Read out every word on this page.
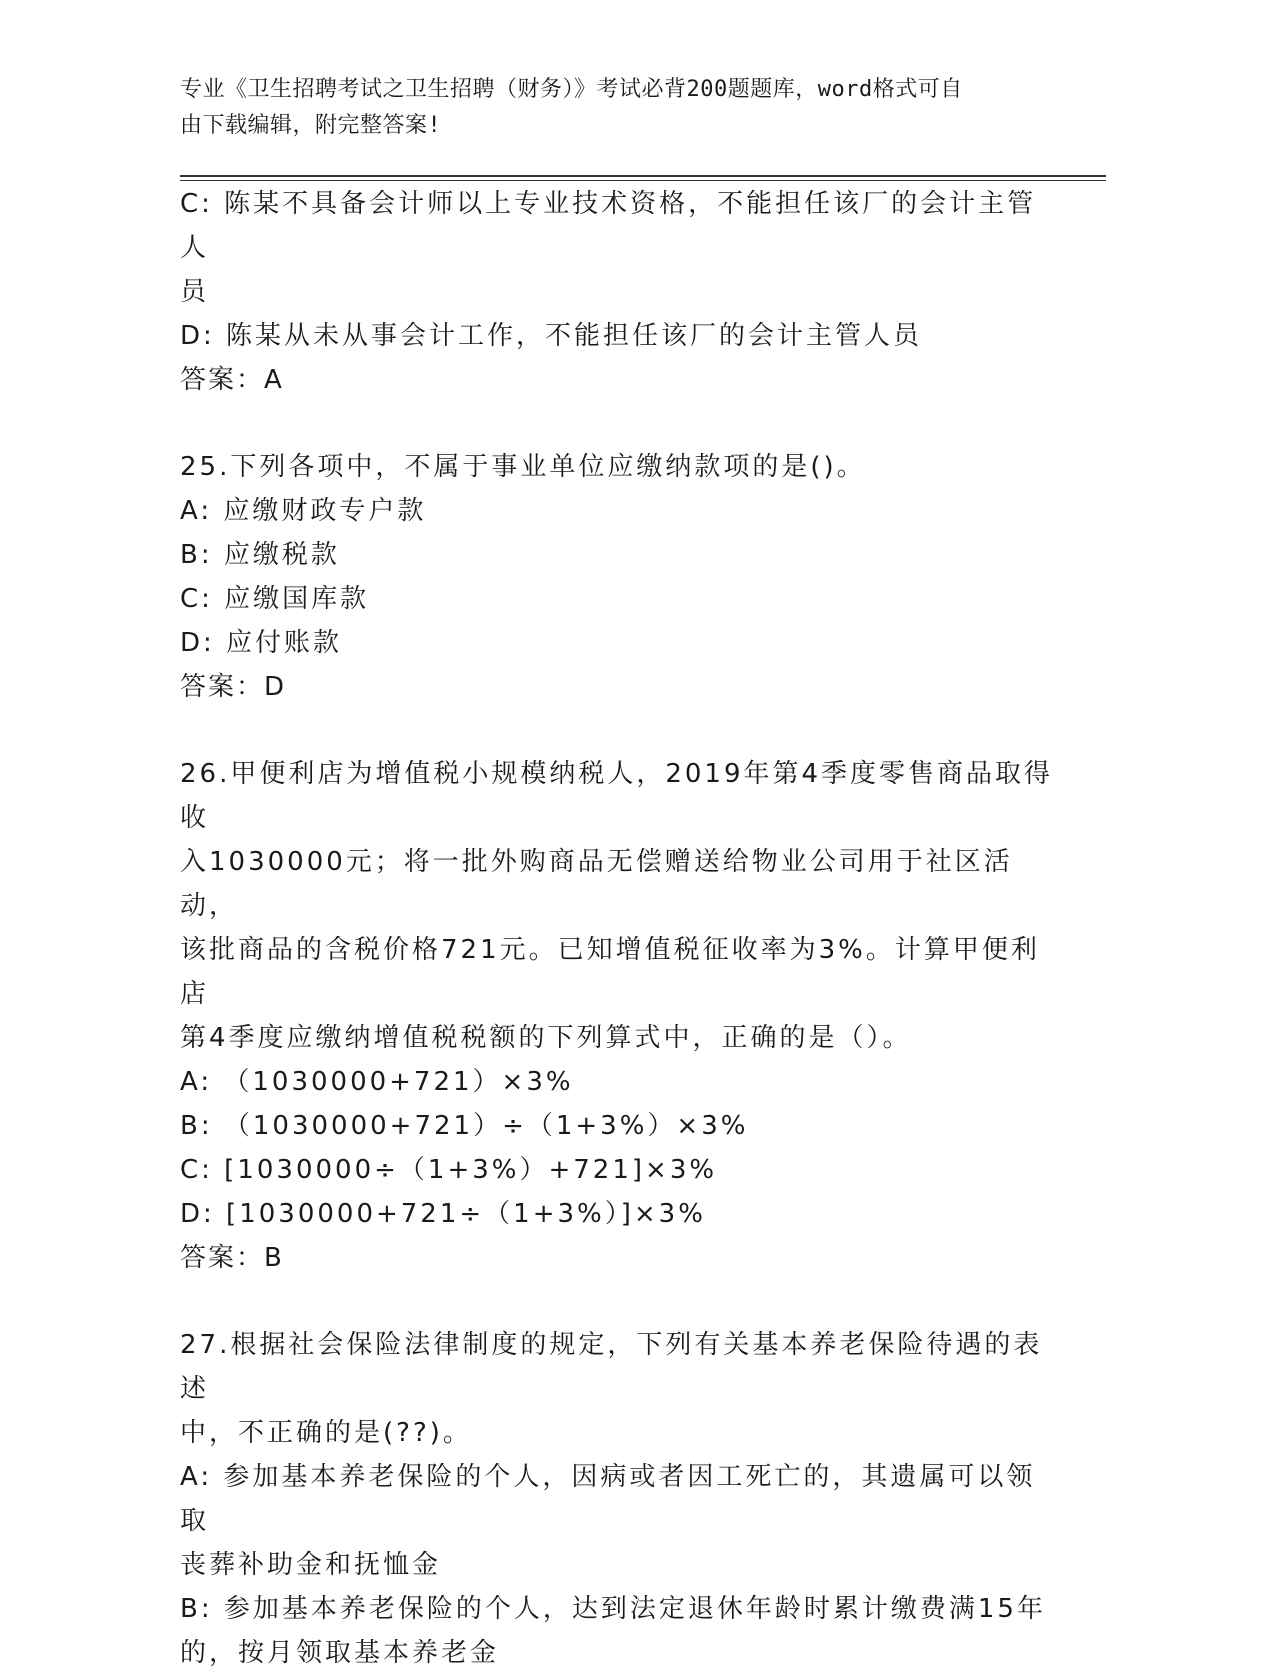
专业《卫生招聘考试之卫生招聘（财务）》考试必背200题题库，word格式可自
由下载编辑，附完整答案!
C: 陈某不具备会计师以上专业技术资格，不能担任该厂的会计主管人
员
D: 陈某从未从事会计工作，不能担任该厂的会计主管人员
答案：A
25.下列各项中，不属于事业单位应缴纳款项的是()。
A: 应缴财政专户款
B: 应缴税款
C: 应缴国库款
D: 应付账款
答案：D
26.甲便利店为增值税小规模纳税人，2019年第4季度零售商品取得收
入1030000元；将一批外购商品无偿赠送给物业公司用于社区活动，
该批商品的含税价格721元。已知增值税征收率为3%。计算甲便利店
第4季度应缴纳增值税税额的下列算式中，正确的是（）。
A: （1030000+721）×3%
B: （1030000+721）÷（1+3%）×3%
C: [1030000÷（1+3%）+721]×3%
D: [1030000+721÷（1+3%）]×3%
答案：B
27.根据社会保险法律制度的规定，下列有关基本养老保险待遇的表述
中，不正确的是(??)。
A: 参加基本养老保险的个人，因病或者因工死亡的，其遗属可以领取
丧葬补助金和抚恤金
B: 参加基本养老保险的个人，达到法定退休年龄时累计缴费满15年
的，按月领取基本养老金
